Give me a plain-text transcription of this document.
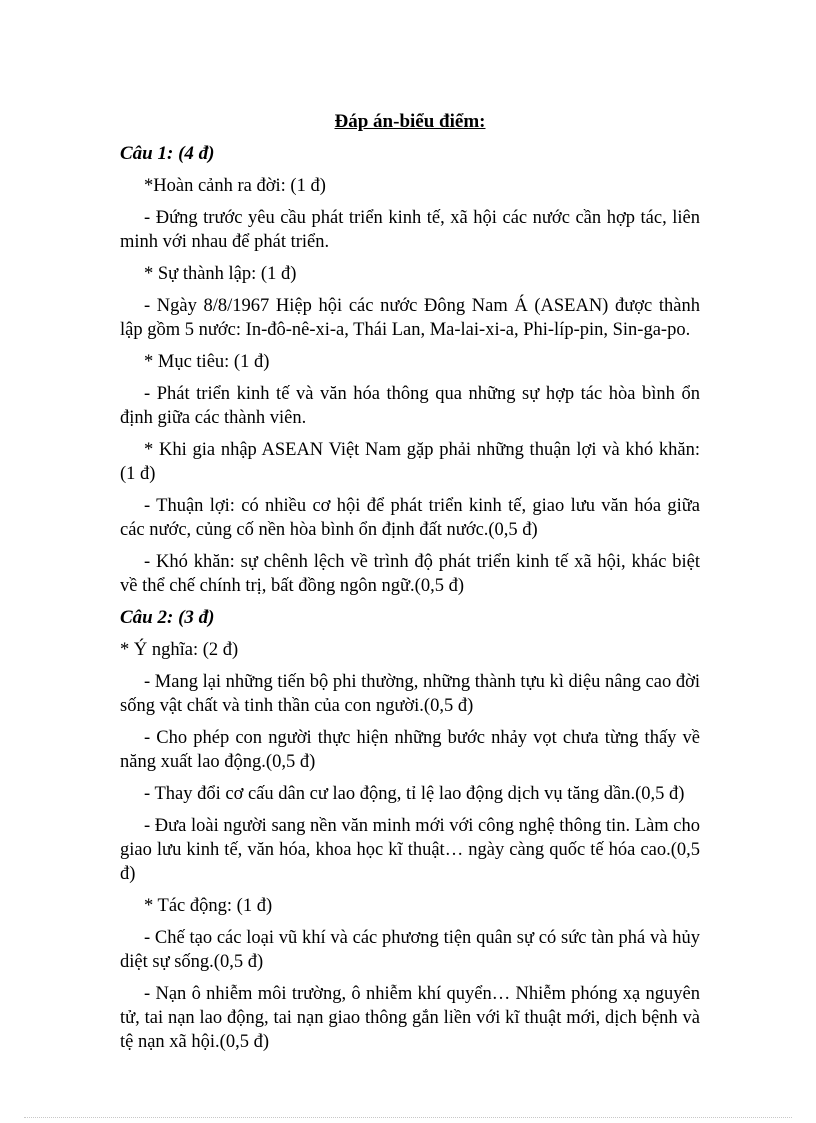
Đáp án-biểu điểm:
Câu 1: (4 đ)

*Hoàn cảnh ra đời: (1 đ)

- Đứng trước yêu cầu phát triển kinh tế, xã hội các nước cần hợp tác, liên minh với nhau để phát triển.

* Sự thành lập: (1 đ)

- Ngày 8/8/1967 Hiệp hội các nước Đông Nam Á (ASEAN) được thành lập gồm 5 nước: In-đô-nê-xi-a, Thái Lan, Ma-lai-xi-a, Phi-líp-pin, Sin-ga-po.

* Mục tiêu: (1 đ)

- Phát triển kinh tế và văn hóa thông qua những sự hợp tác hòa bình ổn định giữa các thành viên.

* Khi gia nhập ASEAN Việt Nam gặp phải những thuận lợi và khó khăn: (1 đ)

- Thuận lợi: có nhiều cơ hội để phát triển kinh tế, giao lưu văn hóa giữa các nước, củng cố nền hòa bình ổn định đất nước.(0,5 đ)

- Khó khăn: sự chênh lệch về trình độ phát triển kinh tế xã hội, khác biệt về thể chế chính trị, bất đồng ngôn ngữ.(0,5 đ)

Câu 2: (3 đ)

* Ý nghĩa: (2 đ)

- Mang lại những tiến bộ phi thường, những thành tựu kì diệu nâng cao đời sống vật chất và tinh thần của con người.(0,5 đ)

- Cho phép con người thực hiện những bước nhảy vọt chưa từng thấy về năng xuất lao động.(0,5 đ)

- Thay đổi cơ cấu dân cư lao động, tỉ lệ lao động dịch vụ tăng dần.(0,5 đ)

- Đưa loài người sang nền văn minh mới với công nghệ thông tin. Làm cho giao lưu kinh tế, văn hóa, khoa học kĩ thuật… ngày càng quốc tế hóa cao.(0,5 đ)

* Tác động: (1 đ)

- Chế tạo các loại vũ khí và các phương tiện quân sự có sức tàn phá và hủy diệt sự sống.(0,5 đ)

- Nạn ô nhiễm môi trường, ô nhiễm khí quyển… Nhiễm phóng xạ nguyên tử, tai nạn lao động, tai nạn giao thông gắn liền với kĩ thuật mới, dịch bệnh và tệ nạn xã hội.(0,5 đ)
